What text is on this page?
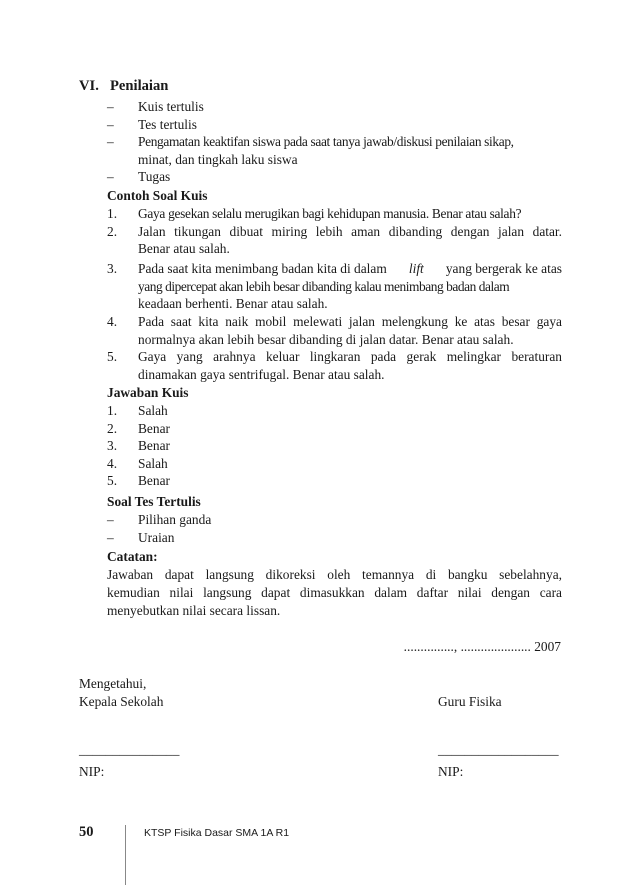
VI. Penilaian
– Kuis tertulis
– Tes tertulis
– Pengamatan keaktifan siswa pada saat tanya jawab/diskusi penilaian sikap,
minat, dan tingkah laku siswa
– Tugas
Contoh Soal Kuis
1. Gaya gesekan selalu merugikan bagi kehidupan manusia. Benar atau salah?
2. Jalan tikungan dibuat miring lebih aman dibanding dengan jalan datar.
Benar atau salah.
3. Pada saat kita menimbang badan kita di dalam lift yang bergerak ke atas
yang dipercepat akan lebih besar dibanding kalau menimbang badan dalam
keadaan berhenti. Benar atau salah.
4. Pada saat kita naik mobil melewati jalan melengkung ke atas besar gaya
normalnya akan lebih besar dibanding di jalan datar. Benar atau salah.
5. Gaya yang arahnya keluar lingkaran pada gerak melingkar beraturan
dinamakan gaya sentrifugal. Benar atau salah.
Jawaban Kuis
1. Salah
2. Benar
3. Benar
4. Salah
5. Benar
Soal Tes Tertulis
– Pilihan ganda
– Uraian
Catatan:
Jawaban dapat langsung dikoreksi oleh temannya di bangku sebelahnya,
kemudian nilai langsung dapat dimasukkan dalam daftar nilai dengan cara
menyebutkan nilai secara lissan.
..............., ..................... 2007
Mengetahui,
Kepala Sekolah	Guru Fisika
_______________	__________________
NIP:	NIP:
50	KTSP Fisika Dasar SMA 1A R1
